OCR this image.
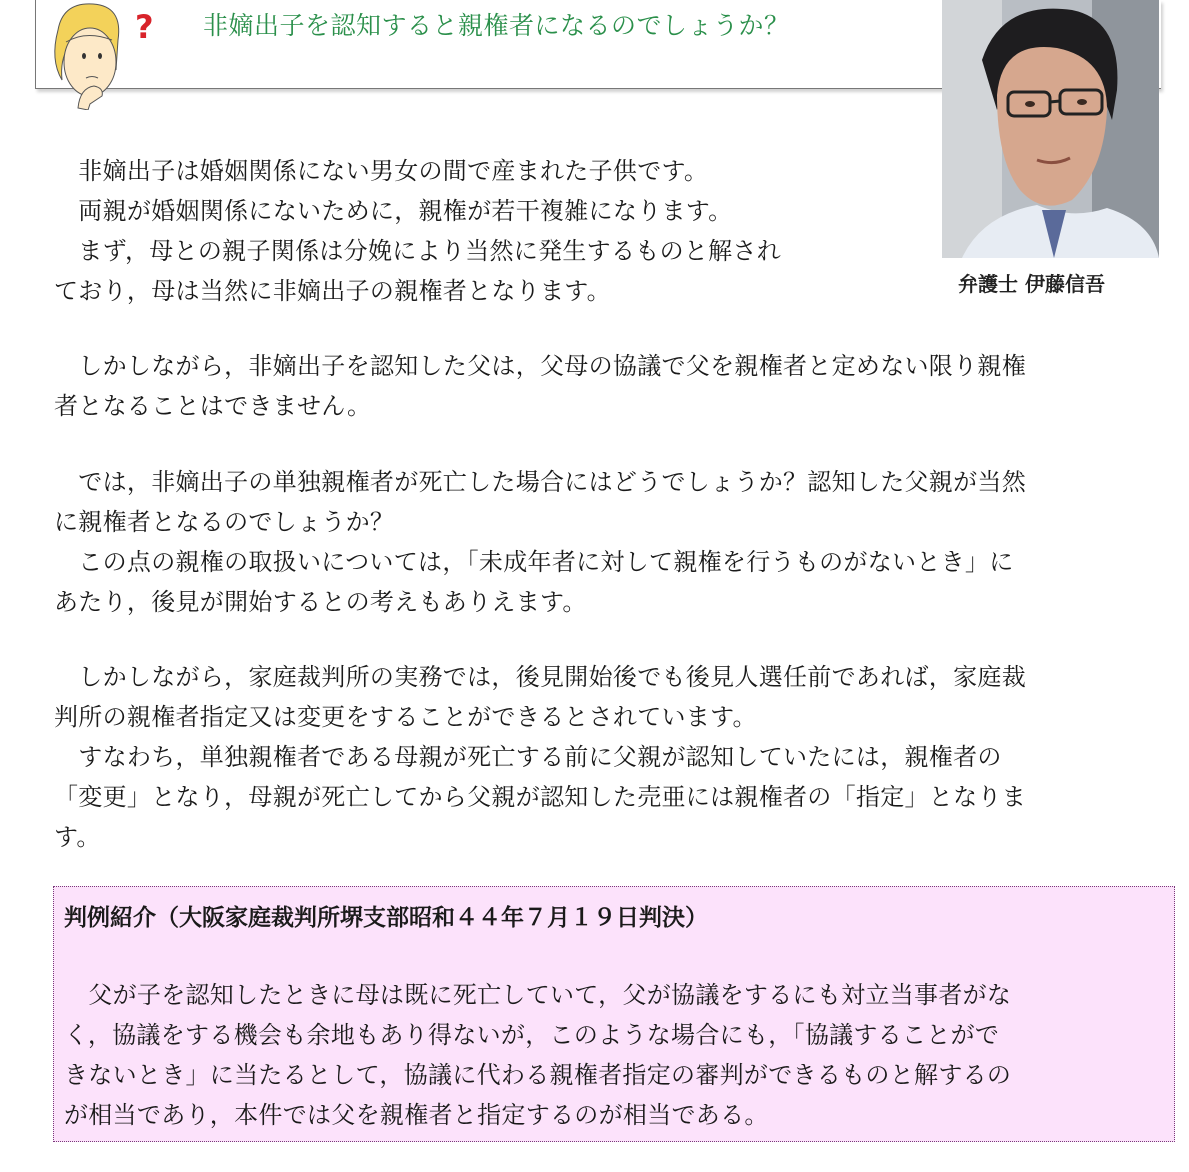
? 非嫡出子を認知すると親権者になるのでしょうか？
弁護士 伊藤信吾

　非嫡出子は婚姻関係にない男女の間で産まれた子供です。
　両親が婚姻関係にないために，親権が若干複雑になります。
　まず，母との親子関係は分娩により当然に発生するものと解され
ており，母は当然に非嫡出子の親権者となります。

　しかしながら，非嫡出子を認知した父は，父母の協議で父を親権者と定めない限り親権
者となることはできません。

　では，非嫡出子の単独親権者が死亡した場合にはどうでしょうか？認知した父親が当然
に親権者となるのでしょうか？
　この点の親権の取扱いについては，「未成年者に対して親権を行うものがないとき」に
あたり，後見が開始するとの考えもありえます。

　しかしながら，家庭裁判所の実務では，後見開始後でも後見人選任前であれば，家庭裁
判所の親権者指定又は変更をすることができるとされています。
　すなわち，単独親権者である母親が死亡する前に父親が認知していたには，親権者の
「変更」となり，母親が死亡してから父親が認知した売亜には親権者の「指定」となりま
す。

判例紹介（大阪家庭裁判所堺支部昭和４４年７月１９日判決）

　父が子を認知したときに母は既に死亡していて，父が協議をするにも対立当事者がな
く，協議をする機会も余地もあり得ないが，このような場合にも，「協議することがで
きないとき」に当たるとして，協議に代わる親権者指定の審判ができるものと解するの
が相当であり，本件では父を親権者と指定するのが相当である。
